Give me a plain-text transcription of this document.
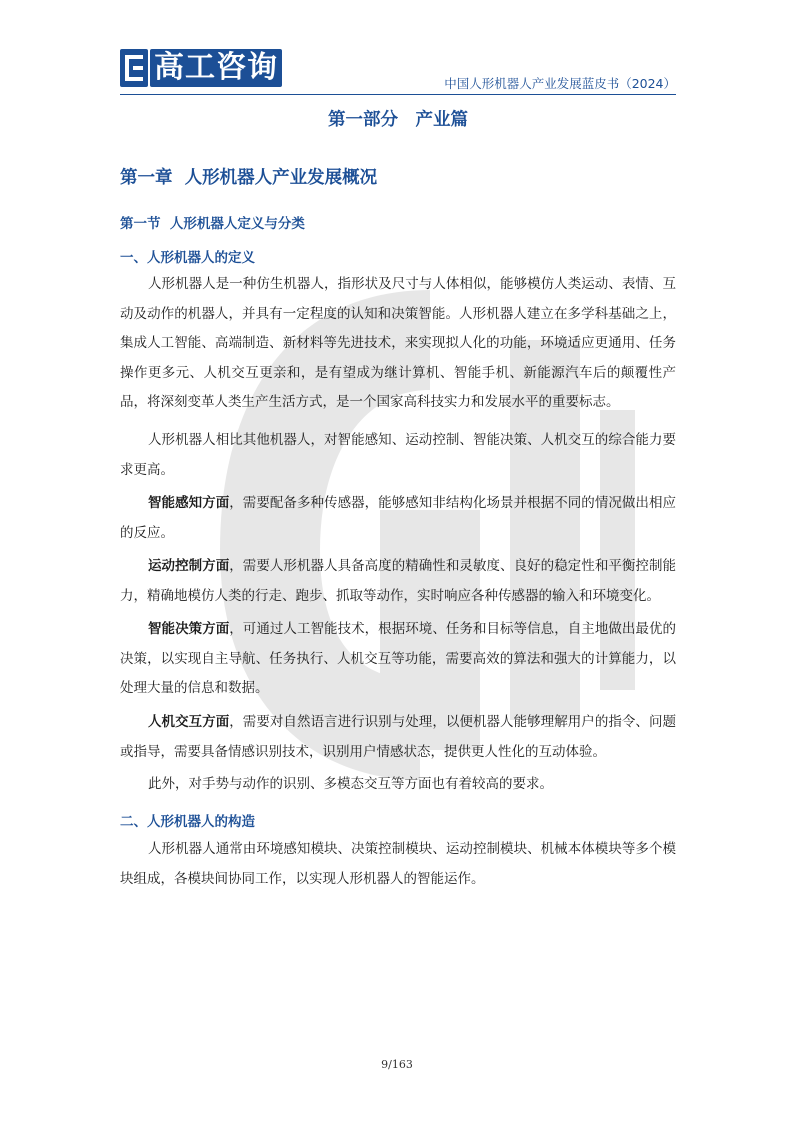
高工咨询	中国人形机器人产业发展蓝皮书（2024）
第一部分　产业篇
第一章  人形机器人产业发展概况
第一节  人形机器人定义与分类
一、人形机器人的定义
人形机器人是一种仿生机器人，指形状及尺寸与人体相似，能够模仿人类运动、表情、互动及动作的机器人，并具有一定程度的认知和决策智能。人形机器人建立在多学科基础之上，集成人工智能、高端制造、新材料等先进技术，来实现拟人化的功能，环境适应更通用、任务操作更多元、人机交互更亲和，是有望成为继计算机、智能手机、新能源汽车后的颠覆性产品，将深刻变革人类生产生活方式，是一个国家高科技实力和发展水平的重要标志。
人形机器人相比其他机器人，对智能感知、运动控制、智能决策、人机交互的综合能力要求更高。
智能感知方面，需要配备多种传感器，能够感知非结构化场景并根据不同的情况做出相应的反应。
运动控制方面，需要人形机器人具备高度的精确性和灵敏度、良好的稳定性和平衡控制能力，精确地模仿人类的行走、跑步、抓取等动作，实时响应各种传感器的输入和环境变化。
智能决策方面，可通过人工智能技术，根据环境、任务和目标等信息，自主地做出最优的决策，以实现自主导航、任务执行、人机交互等功能，需要高效的算法和强大的计算能力，以处理大量的信息和数据。
人机交互方面，需要对自然语言进行识别与处理，以便机器人能够理解用户的指令、问题或指导，需要具备情感识别技术，识别用户情感状态，提供更人性化的互动体验。
此外，对手势与动作的识别、多模态交互等方面也有着较高的要求。
二、人形机器人的构造
人形机器人通常由环境感知模块、决策控制模块、运动控制模块、机械本体模块等多个模块组成，各模块间协同工作，以实现人形机器人的智能运作。
9/163
